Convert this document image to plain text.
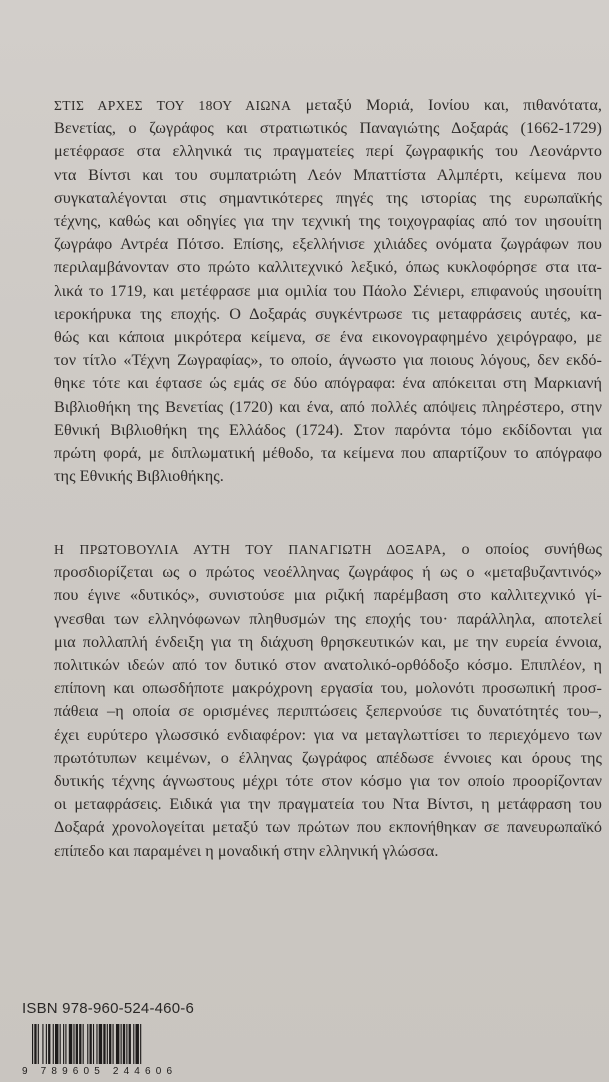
ΣΤΙΣ ΑΡΧΕΣ ΤΟΥ 18ΟΥ ΑΙΩΝΑ μεταξύ Μοριά, Ιονίου και, πιθανότατα,
Βενετίας, ο ζωγράφος και στρατιωτικός Παναγιώτης Δοξαράς (1662-1729)
μετέφρασε στα ελληνικά τις πραγματείες περί ζωγραφικής του Λεονάρντο
ντα Βίντσι και του συμπατριώτη Λεόν Μπαττίστα Αλμπέρτι, κείμενα που
συγκαταλέγονται στις σημαντικότερες πηγές της ιστορίας της ευρωπαϊκής
τέχνης, καθώς και οδηγίες για την τεχνική της τοιχογραφίας από τον ιησουίτη
ζωγράφο Αντρέα Πότσο. Επίσης, εξελλήνισε χιλιάδες ονόματα ζωγράφων που
περιλαμβάνονταν στο πρώτο καλλιτεχνικό λεξικό, όπως κυκλοφόρησε στα ιτα-
λικά το 1719, και μετέφρασε μια ομιλία του Πάολο Σένιερι, επιφανούς ιησουίτη
ιεροκήρυκα της εποχής. Ο Δοξαράς συγκέντρωσε τις μεταφράσεις αυτές, κα-
θώς και κάποια μικρότερα κείμενα, σε ένα εικονογραφημένο χειρόγραφο, με
τον τίτλο «Τέχνη Ζωγραφίας», το οποίο, άγνωστο για ποιους λόγους, δεν εκδό-
θηκε τότε και έφτασε ώς εμάς σε δύο απόγραφα: ένα απόκειται στη Μαρκιανή
Βιβλιοθήκη της Βενετίας (1720) και ένα, από πολλές απόψεις πληρέστερο, στην
Εθνική Βιβλιοθήκη της Ελλάδος (1724). Στον παρόντα τόμο εκδίδονται για
πρώτη φορά, με διπλωματική μέθοδο, τα κείμενα που απαρτίζουν το απόγραφο
της Εθνικής Βιβλιοθήκης.

Η ΠΡΩΤΟΒΟΥΛΙΑ ΑΥΤΗ ΤΟΥ ΠΑΝΑΓΙΩΤΗ ΔΟΞΑΡΑ, ο οποίος συνήθως
προσδιορίζεται ως ο πρώτος νεοέλληνας ζωγράφος ή ως ο «μεταβυζαντινός»
που έγινε «δυτικός», συνιστούσε μια ριζική παρέμβαση στο καλλιτεχνικό γί-
γνεσθαι των ελληνόφωνων πληθυσμών της εποχής του· παράλληλα, αποτελεί
μια πολλαπλή ένδειξη για τη διάχυση θρησκευτικών και, με την ευρεία έννοια,
πολιτικών ιδεών από τον δυτικό στον ανατολικό-ορθόδοξο κόσμο. Επιπλέον, η
επίπονη και οπωσδήποτε μακρόχρονη εργασία του, μολονότι προσωπική προσ-
πάθεια –η οποία σε ορισμένες περιπτώσεις ξεπερνούσε τις δυνατότητές του–,
έχει ευρύτερο γλωσσικό ενδιαφέρον: για να μεταγλωττίσει το περιεχόμενο των
πρωτότυπων κειμένων, ο έλληνας ζωγράφος απέδωσε έννοιες και όρους της
δυτικής τέχνης άγνωστους μέχρι τότε στον κόσμο για τον οποίο προορίζονταν
οι μεταφράσεις. Ειδικά για την πραγματεία του Ντα Βίντσι, η μετάφραση του
Δοξαρά χρονολογείται μεταξύ των πρώτων που εκπονήθηκαν σε πανευρωπαϊκό
επίπεδο και παραμένει η μοναδική στην ελληνική γλώσσα.

ISBN 978-960-524-460-6
9 789605 244606
